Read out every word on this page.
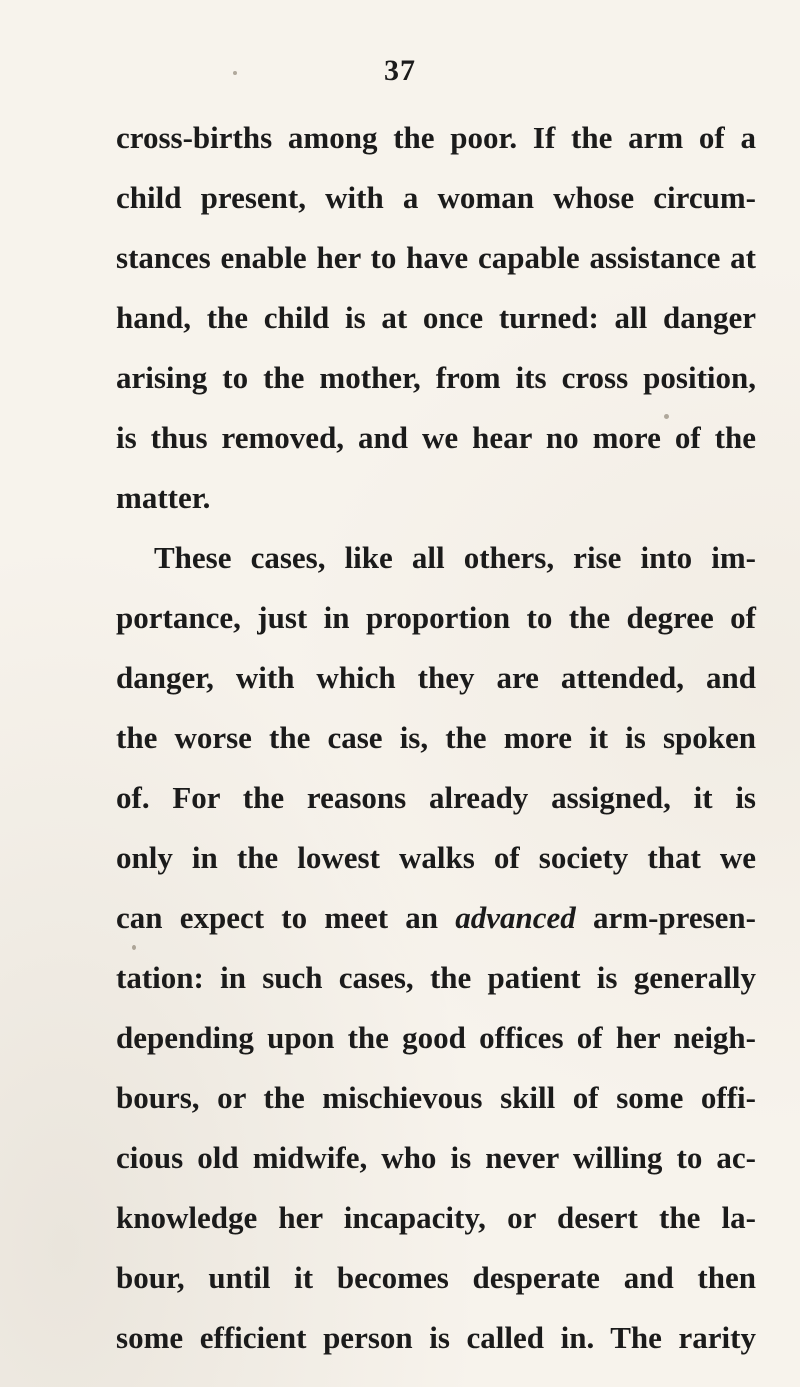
37
cross-births among the poor. If the arm of a
child present, with a woman whose circum-
stances enable her to have capable assistance at
hand, the child is at once turned: all danger
arising to the mother, from its cross position,
is thus removed, and we hear no more of the
matter.
These cases, like all others, rise into im-
portance, just in proportion to the degree of
danger, with which they are attended, and
the worse the case is, the more it is spoken
of. For the reasons already assigned, it is
only in the lowest walks of society that we
can expect to meet an advanced arm-presen-
tation: in such cases, the patient is generally
depending upon the good offices of her neigh-
bours, or the mischievous skill of some offi-
cious old midwife, who is never willing to ac-
knowledge her incapacity, or desert the la-
bour, until it becomes desperate and then
some efficient person is called in. The rarity
